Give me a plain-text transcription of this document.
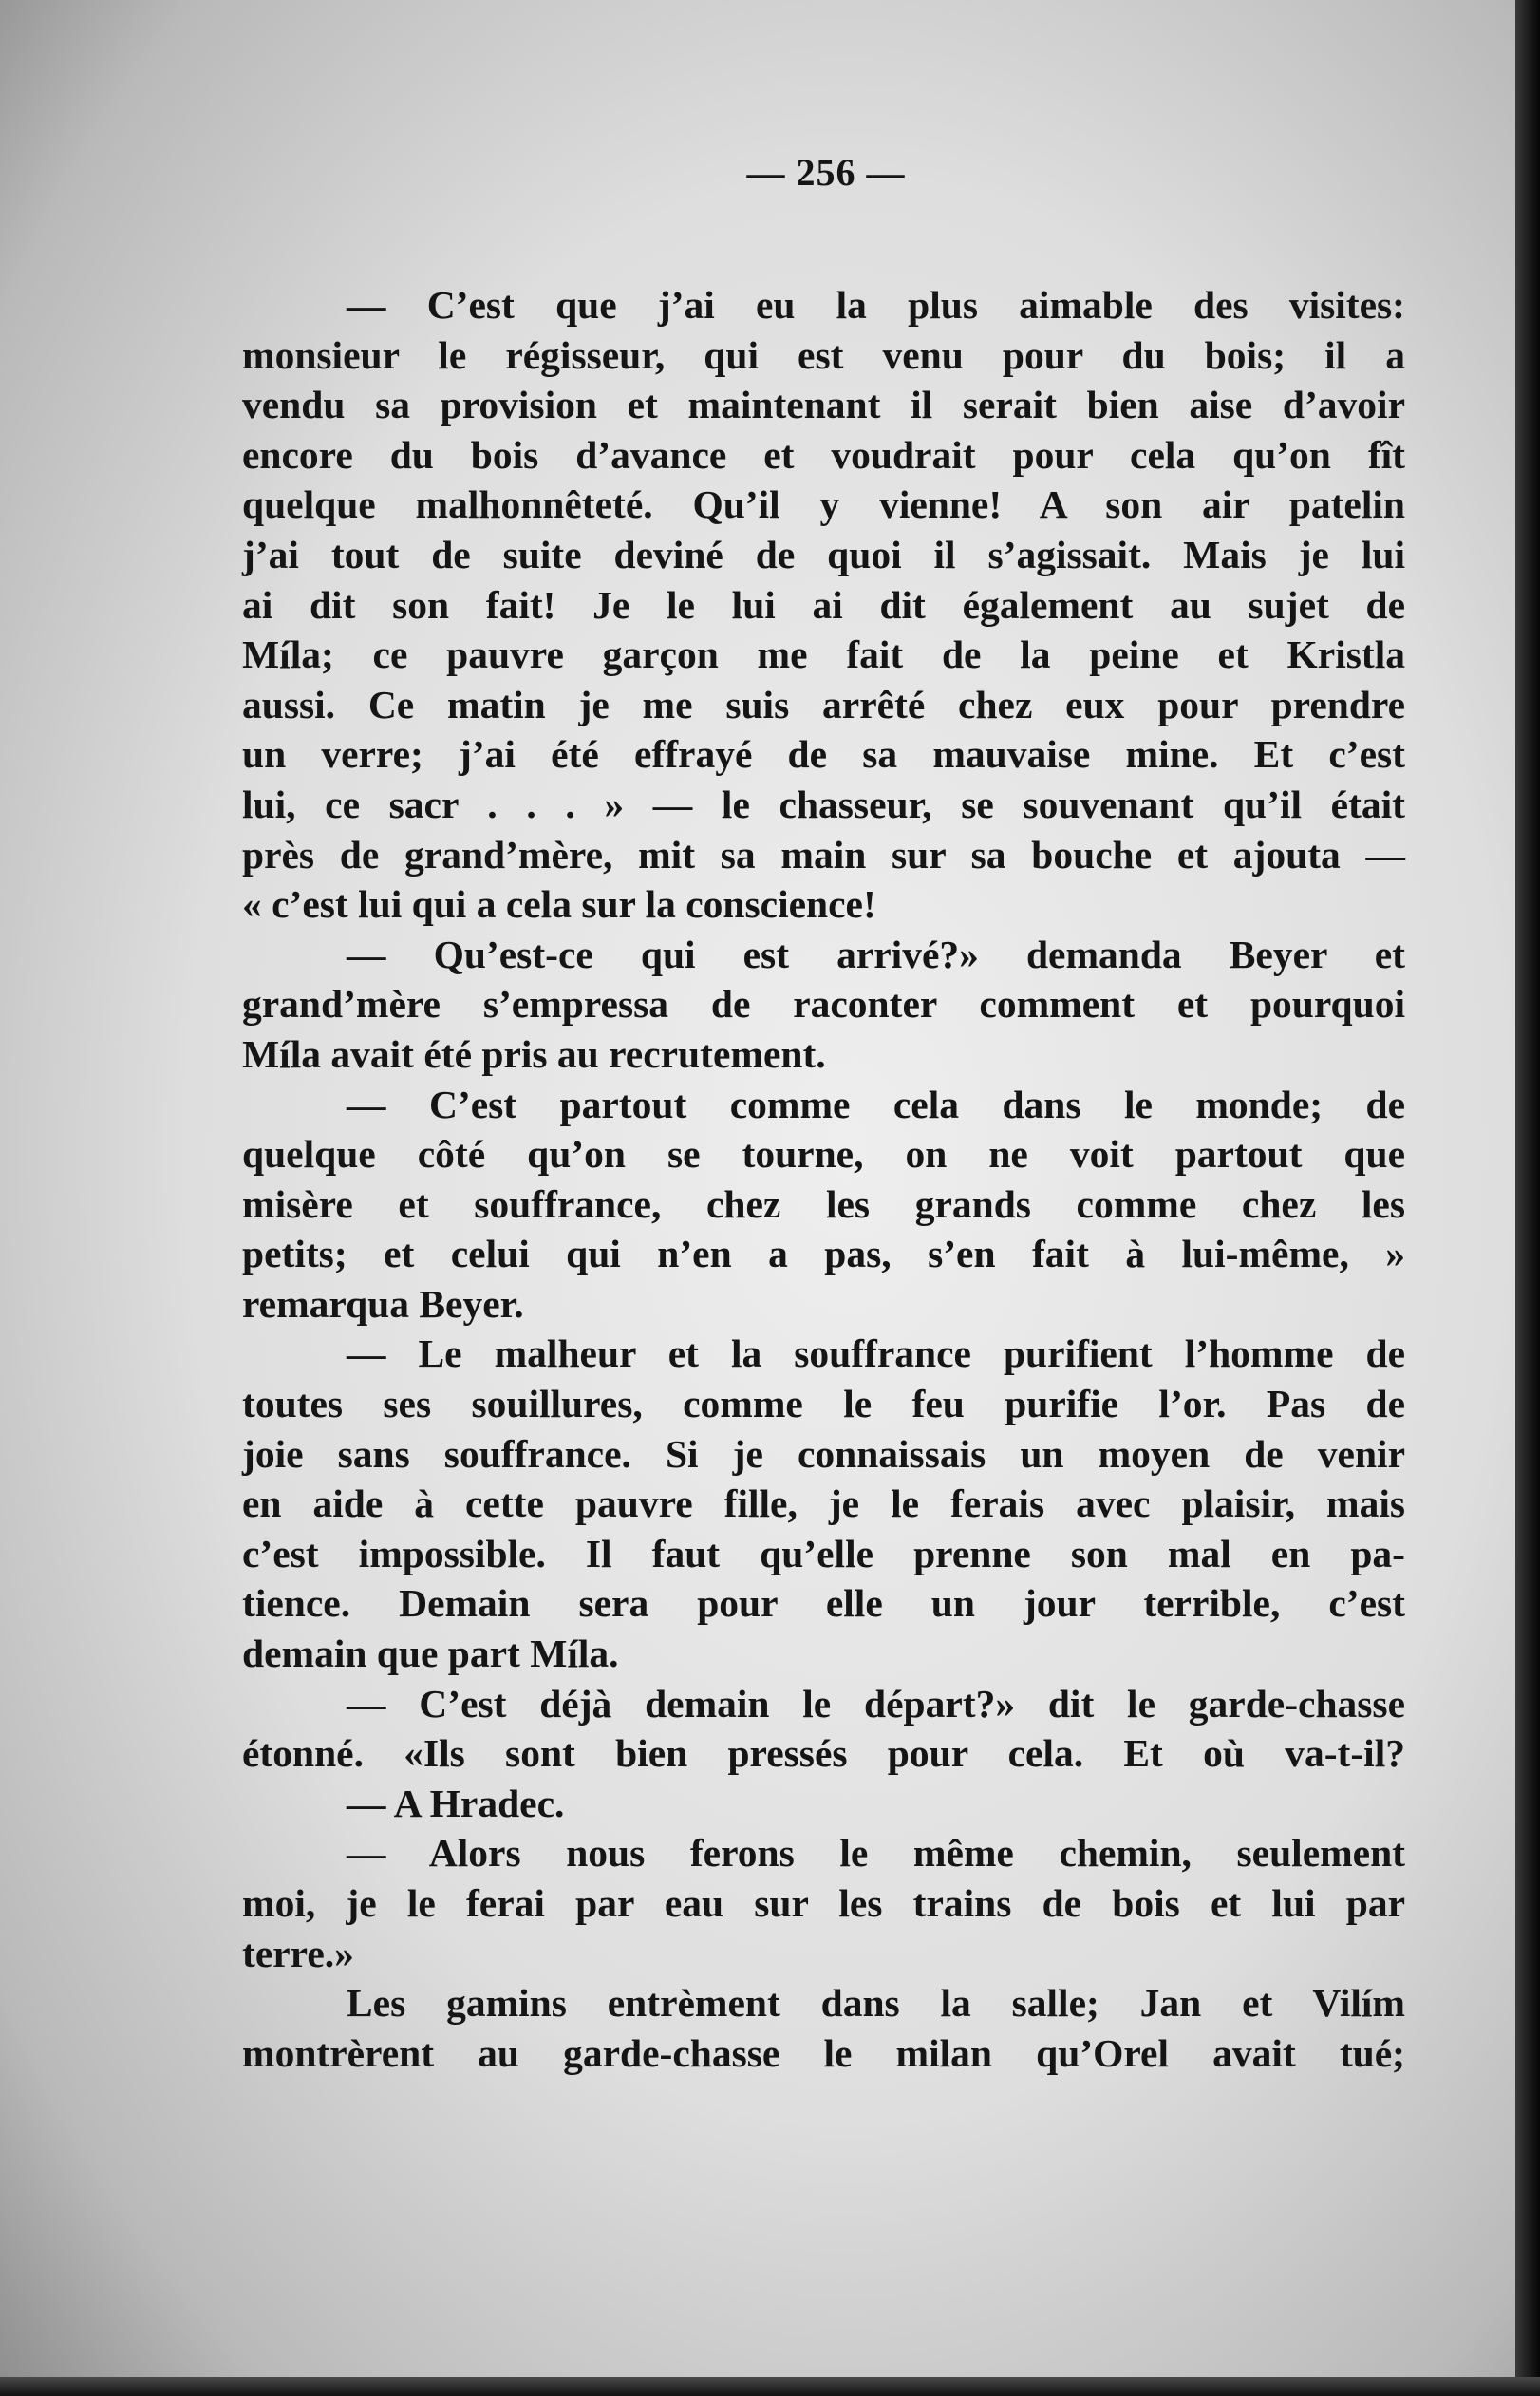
— 256 —
— C’est que j’ai eu la plus aimable des visites:
monsieur le régisseur, qui est venu pour du bois; il a
vendu sa provision et maintenant il serait bien aise d’avoir
encore du bois d’avance et voudrait pour cela qu’on fît
quelque malhonnêteté. Qu’il y vienne! A son air patelin
j’ai tout de suite deviné de quoi il s’agissait. Mais je lui
ai dit son fait! Je le lui ai dit également au sujet de
Míla; ce pauvre garçon me fait de la peine et Kristla
aussi. Ce matin je me suis arrêté chez eux pour prendre
un verre; j’ai été effrayé de sa mauvaise mine. Et c’est
lui, ce sacr . . . » — le chasseur, se souvenant qu’il était
près de grand’mère, mit sa main sur sa bouche et ajouta —
« c’est lui qui a cela sur la conscience!
— Qu’est-ce qui est arrivé?» demanda Beyer et
grand’mère s’empressa de raconter comment et pourquoi
Míla avait été pris au recrutement.
— C’est partout comme cela dans le monde; de
quelque côté qu’on se tourne, on ne voit partout que
misère et souffrance, chez les grands comme chez les
petits; et celui qui n’en a pas, s’en fait à lui-même, »
remarqua Beyer.
— Le malheur et la souffrance purifient l’homme de
toutes ses souillures, comme le feu purifie l’or. Pas de
joie sans souffrance. Si je connaissais un moyen de venir
en aide à cette pauvre fille, je le ferais avec plaisir, mais
c’est impossible. Il faut qu’elle prenne son mal en pa-
tience. Demain sera pour elle un jour terrible, c’est
demain que part Míla.
— C’est déjà demain le départ?» dit le garde-chasse
étonné. «Ils sont bien pressés pour cela. Et où va-t-il?
— A Hradec.
— Alors nous ferons le même chemin, seulement
moi, je le ferai par eau sur les trains de bois et lui par
terre.»
Les gamins entrèment dans la salle; Jan et Vilím
montrèrent au garde-chasse le milan qu’Orel avait tué;
